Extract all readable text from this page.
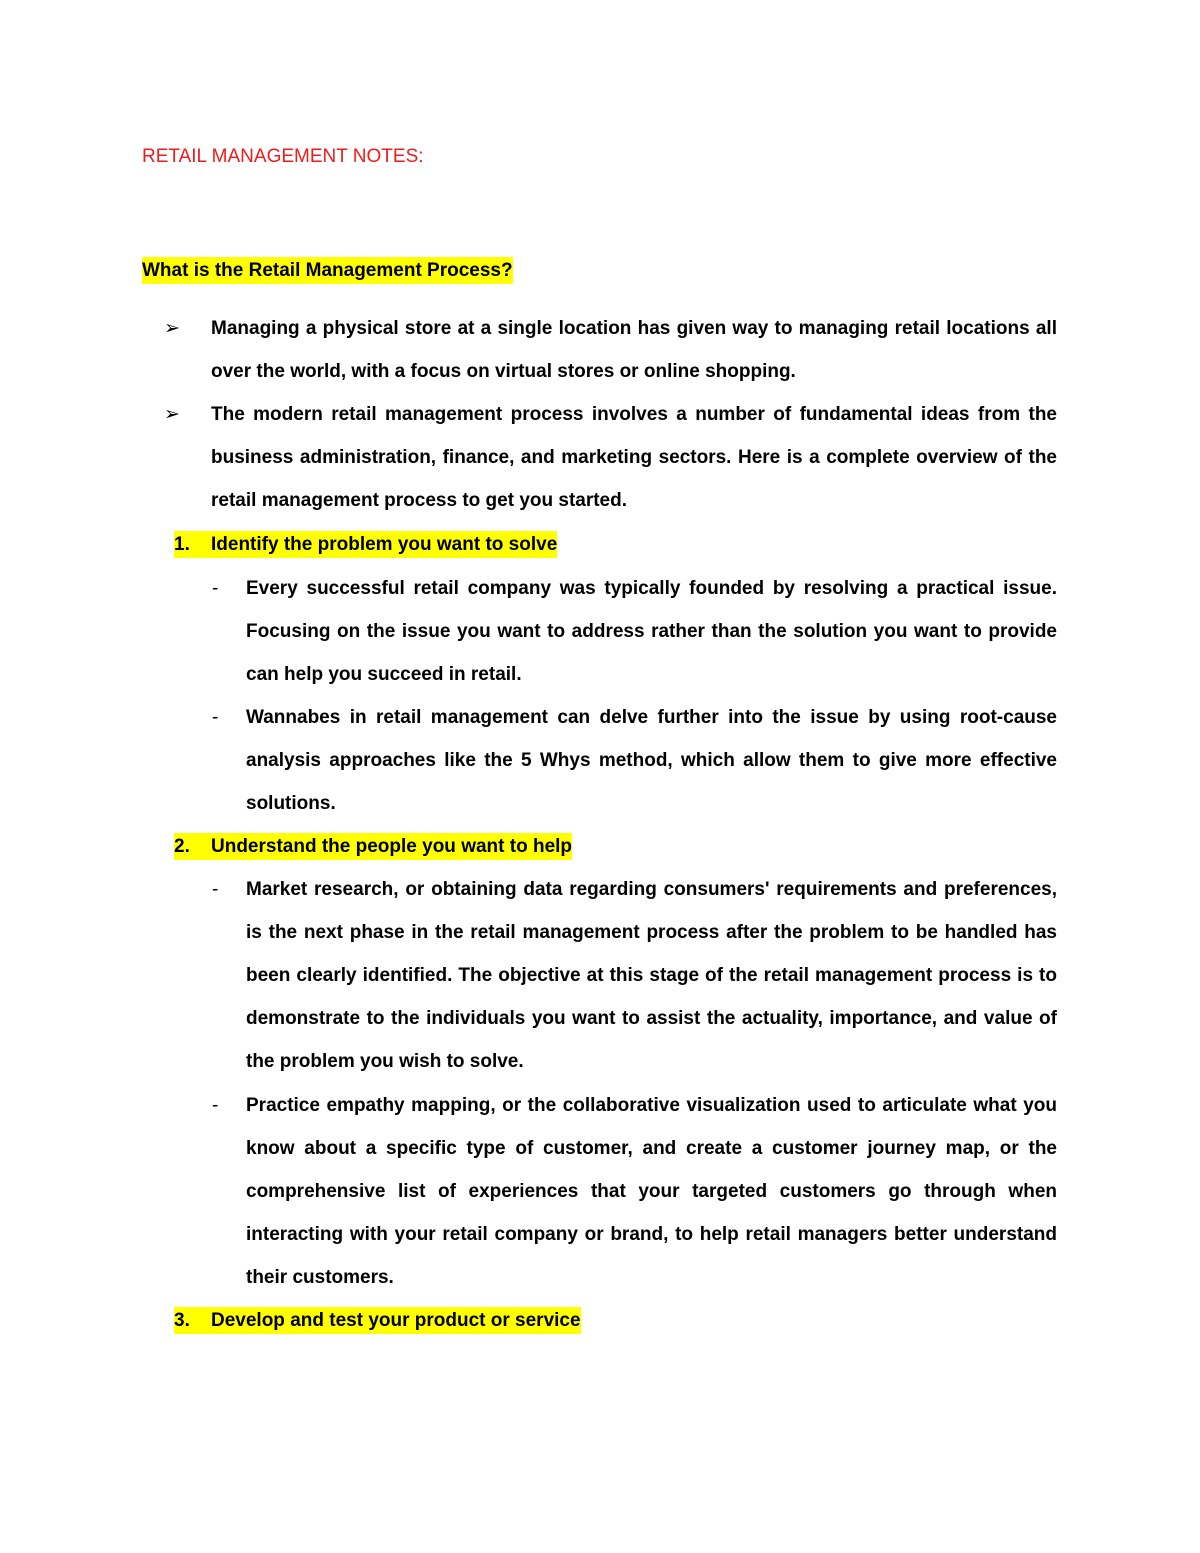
RETAIL MANAGEMENT NOTES:
What is the Retail Management Process?
➢ Managing a physical store at a single location has given way to managing retail locations all over the world, with a focus on virtual stores or online shopping.
➢ The modern retail management process involves a number of fundamental ideas from the business administration, finance, and marketing sectors. Here is a complete overview of the retail management process to get you started.
1. Identify the problem you want to solve
- Every successful retail company was typically founded by resolving a practical issue. Focusing on the issue you want to address rather than the solution you want to provide can help you succeed in retail.
- Wannabes in retail management can delve further into the issue by using root-cause analysis approaches like the 5 Whys method, which allow them to give more effective solutions.
2. Understand the people you want to help
- Market research, or obtaining data regarding consumers' requirements and preferences, is the next phase in the retail management process after the problem to be handled has been clearly identified. The objective at this stage of the retail management process is to demonstrate to the individuals you want to assist the actuality, importance, and value of the problem you wish to solve.
- Practice empathy mapping, or the collaborative visualization used to articulate what you know about a specific type of customer, and create a customer journey map, or the comprehensive list of experiences that your targeted customers go through when interacting with your retail company or brand, to help retail managers better understand their customers.
3. Develop and test your product or service
